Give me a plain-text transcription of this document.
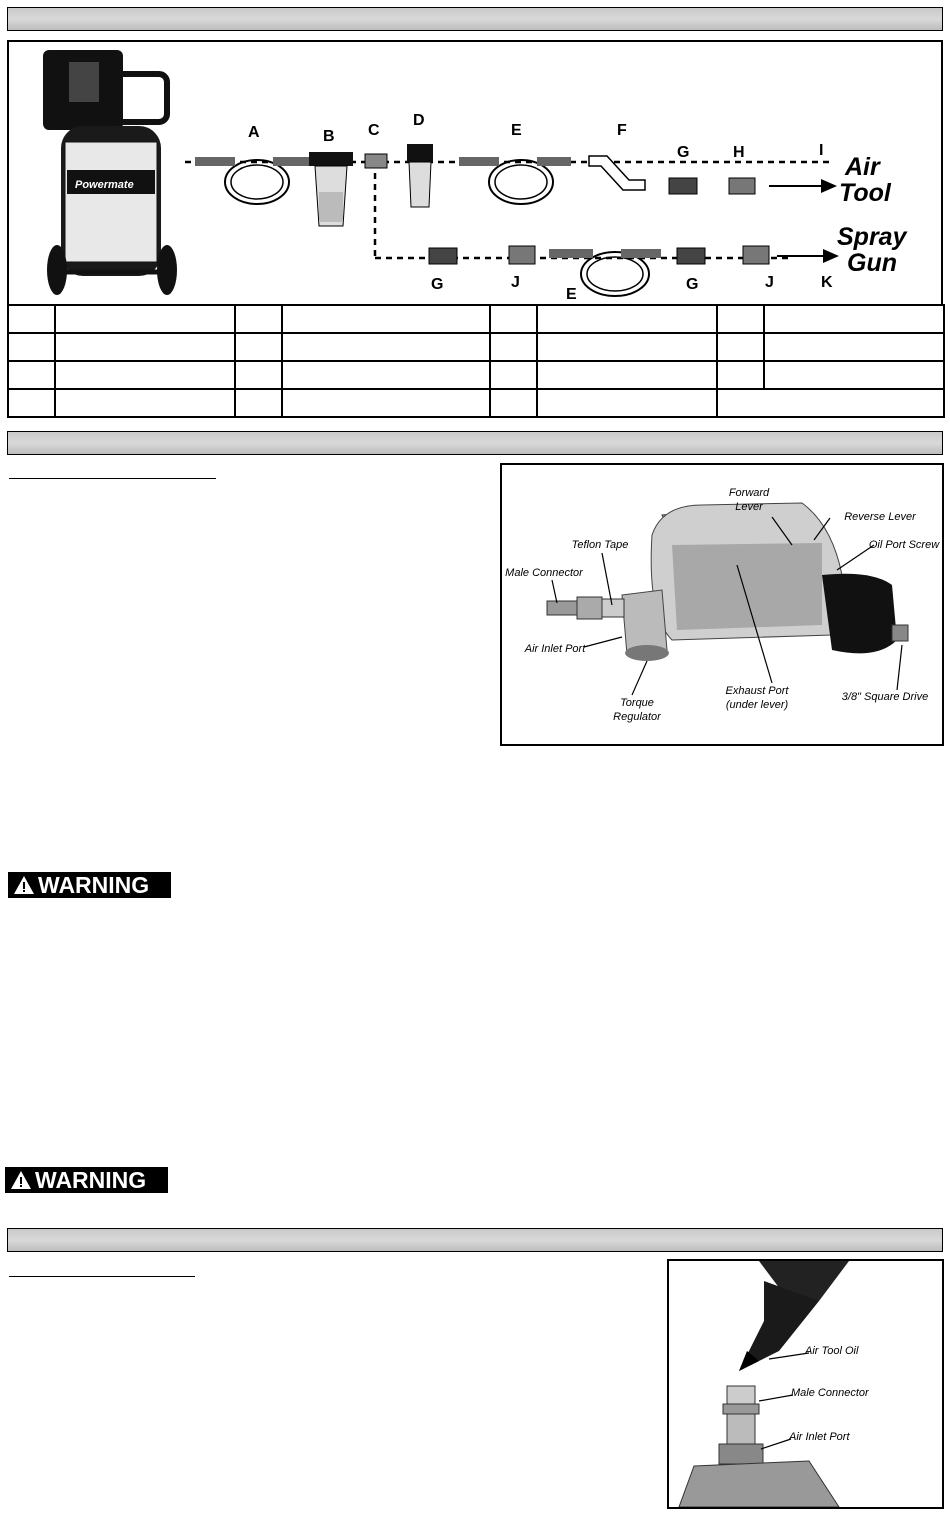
Powermate
A	B C
D
E	F
G	H	I
Air
Tool
Spray
Gun
G	J
E
G	J	K

Forward
Lever
Reverse Lever
Oil Port Screw
Teflon Tape
Male Connector
Air Inlet Port
Torque
Regulator
Exhaust Port
(under lever)
3/8" Square Drive
WARNING
WARNING
Air Tool Oil
Male Connector
Air Inlet Port
